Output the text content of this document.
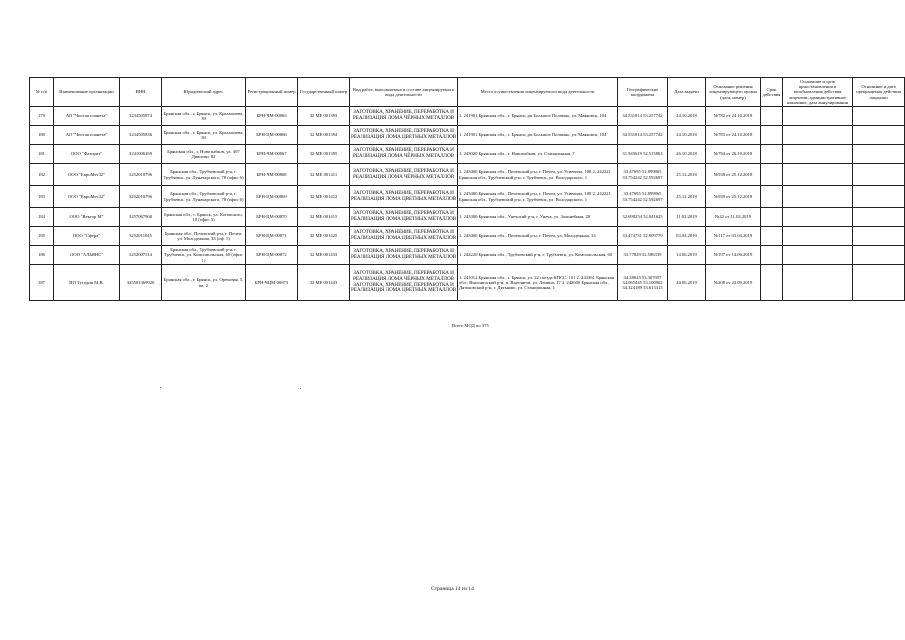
№ п/п	Наименование организации	ИНН	Юридический адрес	Регистрационный номер	Государственный номер	Вид работ, выполняемых в составе лицензируемого вида деятельности	Места осуществления лицензируемого вида деятельности	Географические координаты	Дата выдачи	Основание решения лицензирующего органа (дата, номер)	Срок действия	Основание и срок приостановления и возобновления действия лицензии, административное наказание, дата аннулирования	Основание и дата прекращения действия лицензии
179	АО "Чистая планета"	3234505874	Брянская обл., г. Брянск, ул. Крахмалева, 39	БРН-ЧМ-00865	32 МЕ 001393	ЗАГОТОВКА, ХРАНЕНИЕ, ПЕРЕРАБОТКА И РЕАЛИЗАЦИЯ ЛОМА ЧЁРНЫХ МЕТАЛЛОВ	1. 241901 Брянская обл., г. Брянск, рп Большое Полпино, ул. Маяковск, 104	34.531814 53.257742	24.10.2018	№782 от 24.10.2018			
180	АО "Чистая планета"	3234505836	Брянская обл., г. Брянск, ул. Крахмалева, 39	БРН-ЦМ-00866	32 МЕ 001394	ЗАГОТОВКА, ХРАНЕНИЕ, ПЕРЕРАБОТКА И РЕАЛИЗАЦИЯ ЛОМА ЦВЕТНЫХ МЕТАЛЛОВ	1. 241901 Брянская обл., г. Брянск, рп Большое Полпино, ул. Маяковск, 104	34.531814 53.257742	24.10.2018	№783 от 24.10.2018			
181	ООО "Фазорит"	3241006269	Брянская обл., г. Новозыбков, ул. 307 Дивизии, 82	БРН-ЧМ-00867	32 МЕ 001395	ЗАГОТОВКА, ХРАНЕНИЕ, ПЕРЕРАБОТКА И РЕАЛИЗАЦИЯ ЛОМА ЧЁРНЫХ МЕТАЛЛОВ	1. 243020 Брянская обл., г. Новозыбков, ул. Станционная, 7	31.945619 52.515863	26.10.2018	№794 от 26.10.2018			
182	ООО "ЕвроМет32"	3252010796	Брянская обл., Трубчевский р-н, г. Трубчевск, ул. Луначарского, 78 (офис 6)	БРН-ЧМ-00868	32 МЕ 001411	ЗАГОТОВКА, ХРАНЕНИЕ, ПЕРЕРАБОТКА И РЕАЛИЗАЦИЯ ЛОМА ЧЁРНЫХ МЕТАЛЛОВ	1. 243400 Брянская обл., Почепский р-н, г. Почеп, ул. Усиевича, 108 2. 242221 Брянская обл., Трубчевский р-н, г. Трубчевск, ул. Володарского, 1	33.47695 52.899865 33.754242 52.592697	25.12.2018	№938 от 25.12.2018			
183	ООО "ЕвроМет32"	3252010796	Брянская обл., Трубчевский р-н, г. Трубчевск, ул. Луначарского, 78 (офис 6)	БРН-ЦМ-00869	32 МЕ 001412	ЗАГОТОВКА, ХРАНЕНИЕ, ПЕРЕРАБОТКА И РЕАЛИЗАЦИЯ ЛОМА ЦВЕТНЫХ МЕТАЛЛОВ	1. 243400 Брянская обл., Почепский р-н, г. Почеп, ул. Усиевича, 108 2. 242221 Брянская обл., Трубчевский р-н, г. Трубчевск, ул. Володарского, 1	33.47695 52.899865 33.754242 52.592697	25.12.2018	№939 от 25.12.2018			
184	ООО "Вектор М"	3257067968	Брянская обл., г. Брянск, ул. Котовского, 10 (офис 3)	БРН-ЦМ-00870	32 МЕ 001415	ЗАГОТОВКА, ХРАНЕНИЕ, ПЕРЕРАБОТКА И РЕАЛИЗАЦИЯ ЛОМА ЦВЕТНЫХ МЕТАЛЛОВ	1. 243300 Брянская обл., Унечский р-н, г. Унеча, ул. Залинейная, 28	32.698254 52.841625	11.02.2019	№42 от 11.02.2019			
185	ООО "Сфера"	3252011045	Брянская обл., Почепский р-н, г. Почеп, ул. Молодежная, 33 (оф. 1)	БРН-ЦМ-00871	32 МЕ 001425	ЗАГОТОВКА, ХРАНЕНИЕ, ПЕРЕРАБОТКА И РЕАЛИЗАЦИЯ ЛОМА ЦВЕТНЫХ МЕТАЛЛОВ	1. 243400 Брянская обл., Почепский р-н, г. Почеп, ул. Молодежная, 33	33.474731 52.909779	03.04.2019	№117 от 03.04.2019			
186	ООО "АЛЬЯНС"	3252007514	Брянская обл., Трубчевский р-н, г. Трубчевск, ул. Комсомольская, 60 (офис 1)	БРН-ЦМ-00872	32 МЕ 001433	ЗАГОТОВКА, ХРАНЕНИЕ, ПЕРЕРАБОТКА И РЕАЛИЗАЦИЯ ЛОМА ЦВЕТНЫХ МЕТАЛЛОВ	1. 242220 Брянская обл., Трубчевский р-н, г. Трубчевск, ул. Комсомольская, 60	33.77829 52.586339	14.06.2019	№197 от 14.06.2019			
187	ИП Тугодин М.В.	325501369920	Брянская обл., г. Брянск, ул. Ореховая, 5, кв. 2	БРН-ЧЦМ-00873	32 МЕ 001443	ЗАГОТОВКА, ХРАНЕНИЕ, ПЕРЕРАБОТКА И РЕАЛИЗАЦИЯ ЛОМА ЧЁРНЫХ МЕТАЛЛОВ ЗАГОТОВКА, ХРАНЕНИЕ, ПЕРЕРАБОТКА И РЕАЛИЗАЦИЯ ЛОМА ЦВЕТНЫХ МЕТАЛЛОВ	1. 241012 Брянская обл., г. Брянск, ул. 22 съезда КПСС, 101 2. 243361 Брянская обл., Выгоничский р-н, п. Выгоничи, ул. Ленина, 17 3. 242600 Брянская обл., Дятьковский р-н, г. Дятьково, ул. Станционная, 1	34.28025 53.307057 34.065445 53.100902 34.324189 53.613313	24.06.2019	№208 от 23.09.2019			
Всего МОД по 375
Страница 14 из 14
